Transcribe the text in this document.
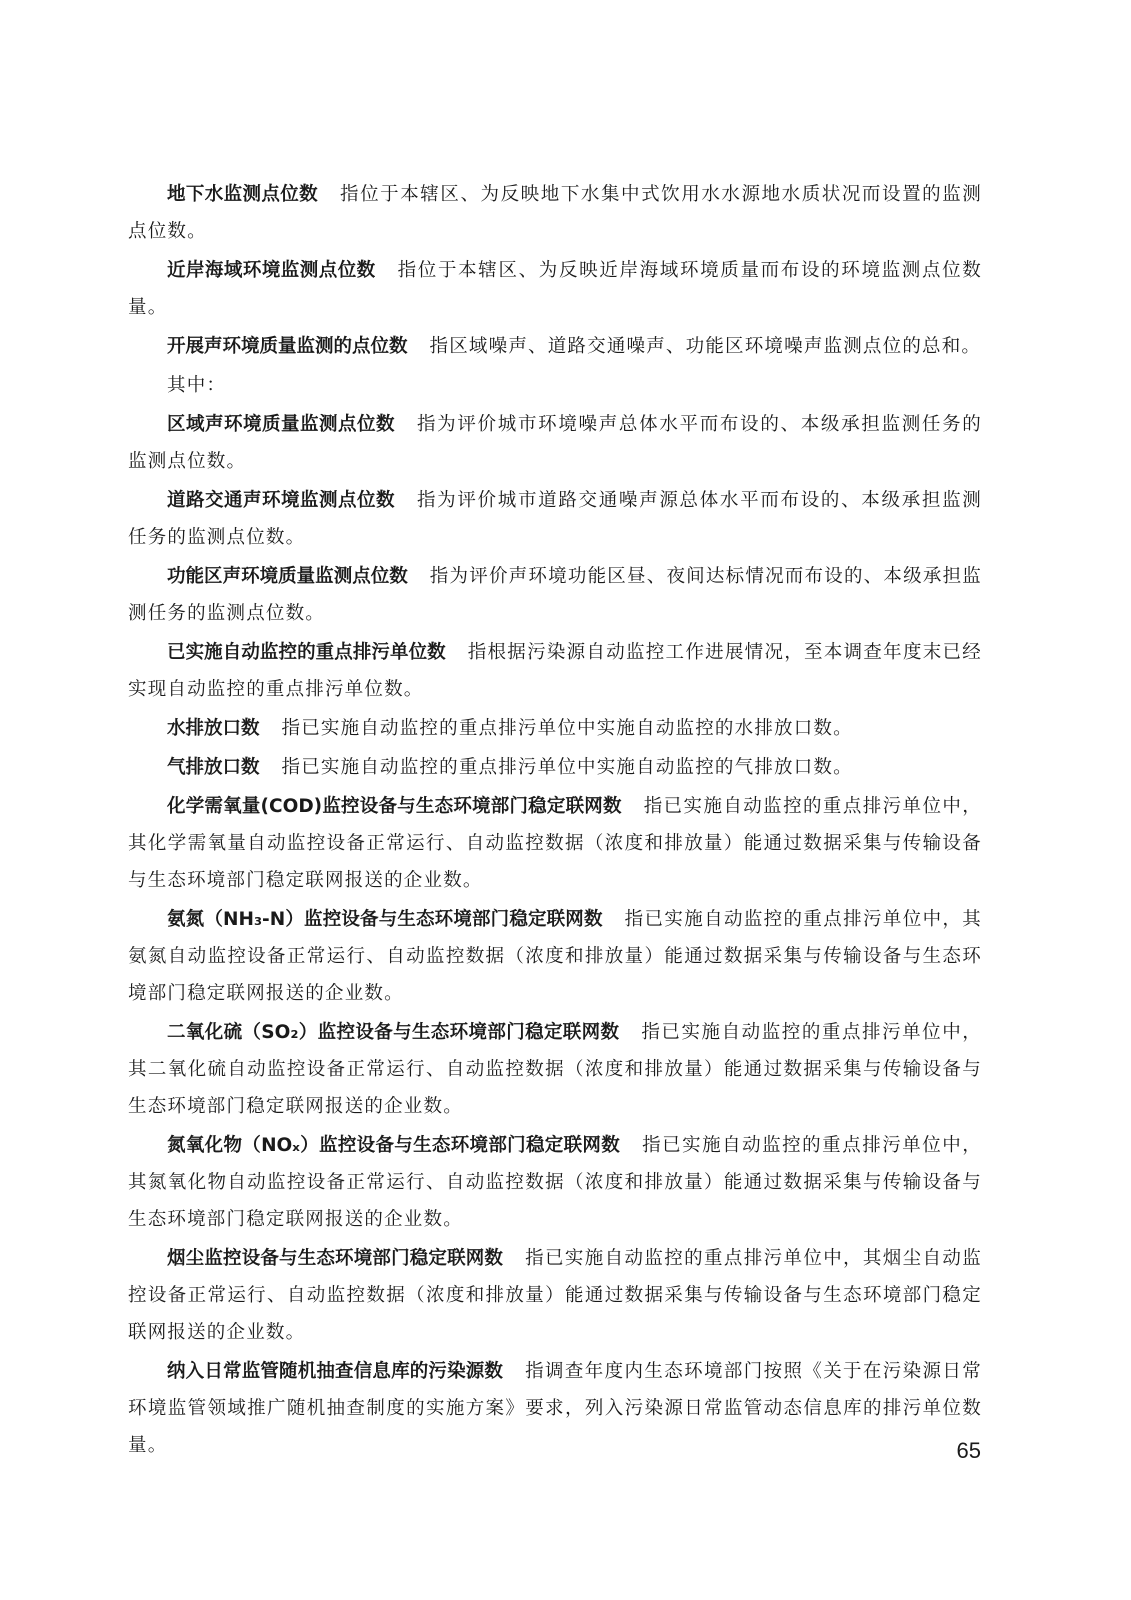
地下水监测点位数 指位于本辖区、为反映地下水集中式饮用水水源地水质状况而设置的监测点位数。

近岸海域环境监测点位数 指位于本辖区、为反映近岸海域环境质量而布设的环境监测点位数量。

开展声环境质量监测的点位数 指区域噪声、道路交通噪声、功能区环境噪声监测点位的总和。

其中：

区域声环境质量监测点位数 指为评价城市环境噪声总体水平而布设的、本级承担监测任务的监测点位数。

道路交通声环境监测点位数 指为评价城市道路交通噪声源总体水平而布设的、本级承担监测任务的监测点位数。

功能区声环境质量监测点位数 指为评价声环境功能区昼、夜间达标情况而布设的、本级承担监测任务的监测点位数。

已实施自动监控的重点排污单位数 指根据污染源自动监控工作进展情况，至本调查年度末已经实现自动监控的重点排污单位数。

水排放口数 指已实施自动监控的重点排污单位中实施自动监控的水排放口数。

气排放口数 指已实施自动监控的重点排污单位中实施自动监控的气排放口数。

化学需氧量(COD)监控设备与生态环境部门稳定联网数 指已实施自动监控的重点排污单位中，其化学需氧量自动监控设备正常运行、自动监控数据（浓度和排放量）能通过数据采集与传输设备与生态环境部门稳定联网报送的企业数。

氨氮（NH₃-N）监控设备与生态环境部门稳定联网数 指已实施自动监控的重点排污单位中，其氨氮自动监控设备正常运行、自动监控数据（浓度和排放量）能通过数据采集与传输设备与生态环境部门稳定联网报送的企业数。

二氧化硫（SO₂）监控设备与生态环境部门稳定联网数 指已实施自动监控的重点排污单位中，其二氧化硫自动监控设备正常运行、自动监控数据（浓度和排放量）能通过数据采集与传输设备与生态环境部门稳定联网报送的企业数。

氮氧化物（NOₓ）监控设备与生态环境部门稳定联网数 指已实施自动监控的重点排污单位中，其氮氧化物自动监控设备正常运行、自动监控数据（浓度和排放量）能通过数据采集与传输设备与生态环境部门稳定联网报送的企业数。

烟尘监控设备与生态环境部门稳定联网数 指已实施自动监控的重点排污单位中，其烟尘自动监控设备正常运行、自动监控数据（浓度和排放量）能通过数据采集与传输设备与生态环境部门稳定联网报送的企业数。

纳入日常监管随机抽查信息库的污染源数 指调查年度内生态环境部门按照《关于在污染源日常环境监管领域推广随机抽查制度的实施方案》要求，列入污染源日常监管动态信息库的排污单位数量。	65
